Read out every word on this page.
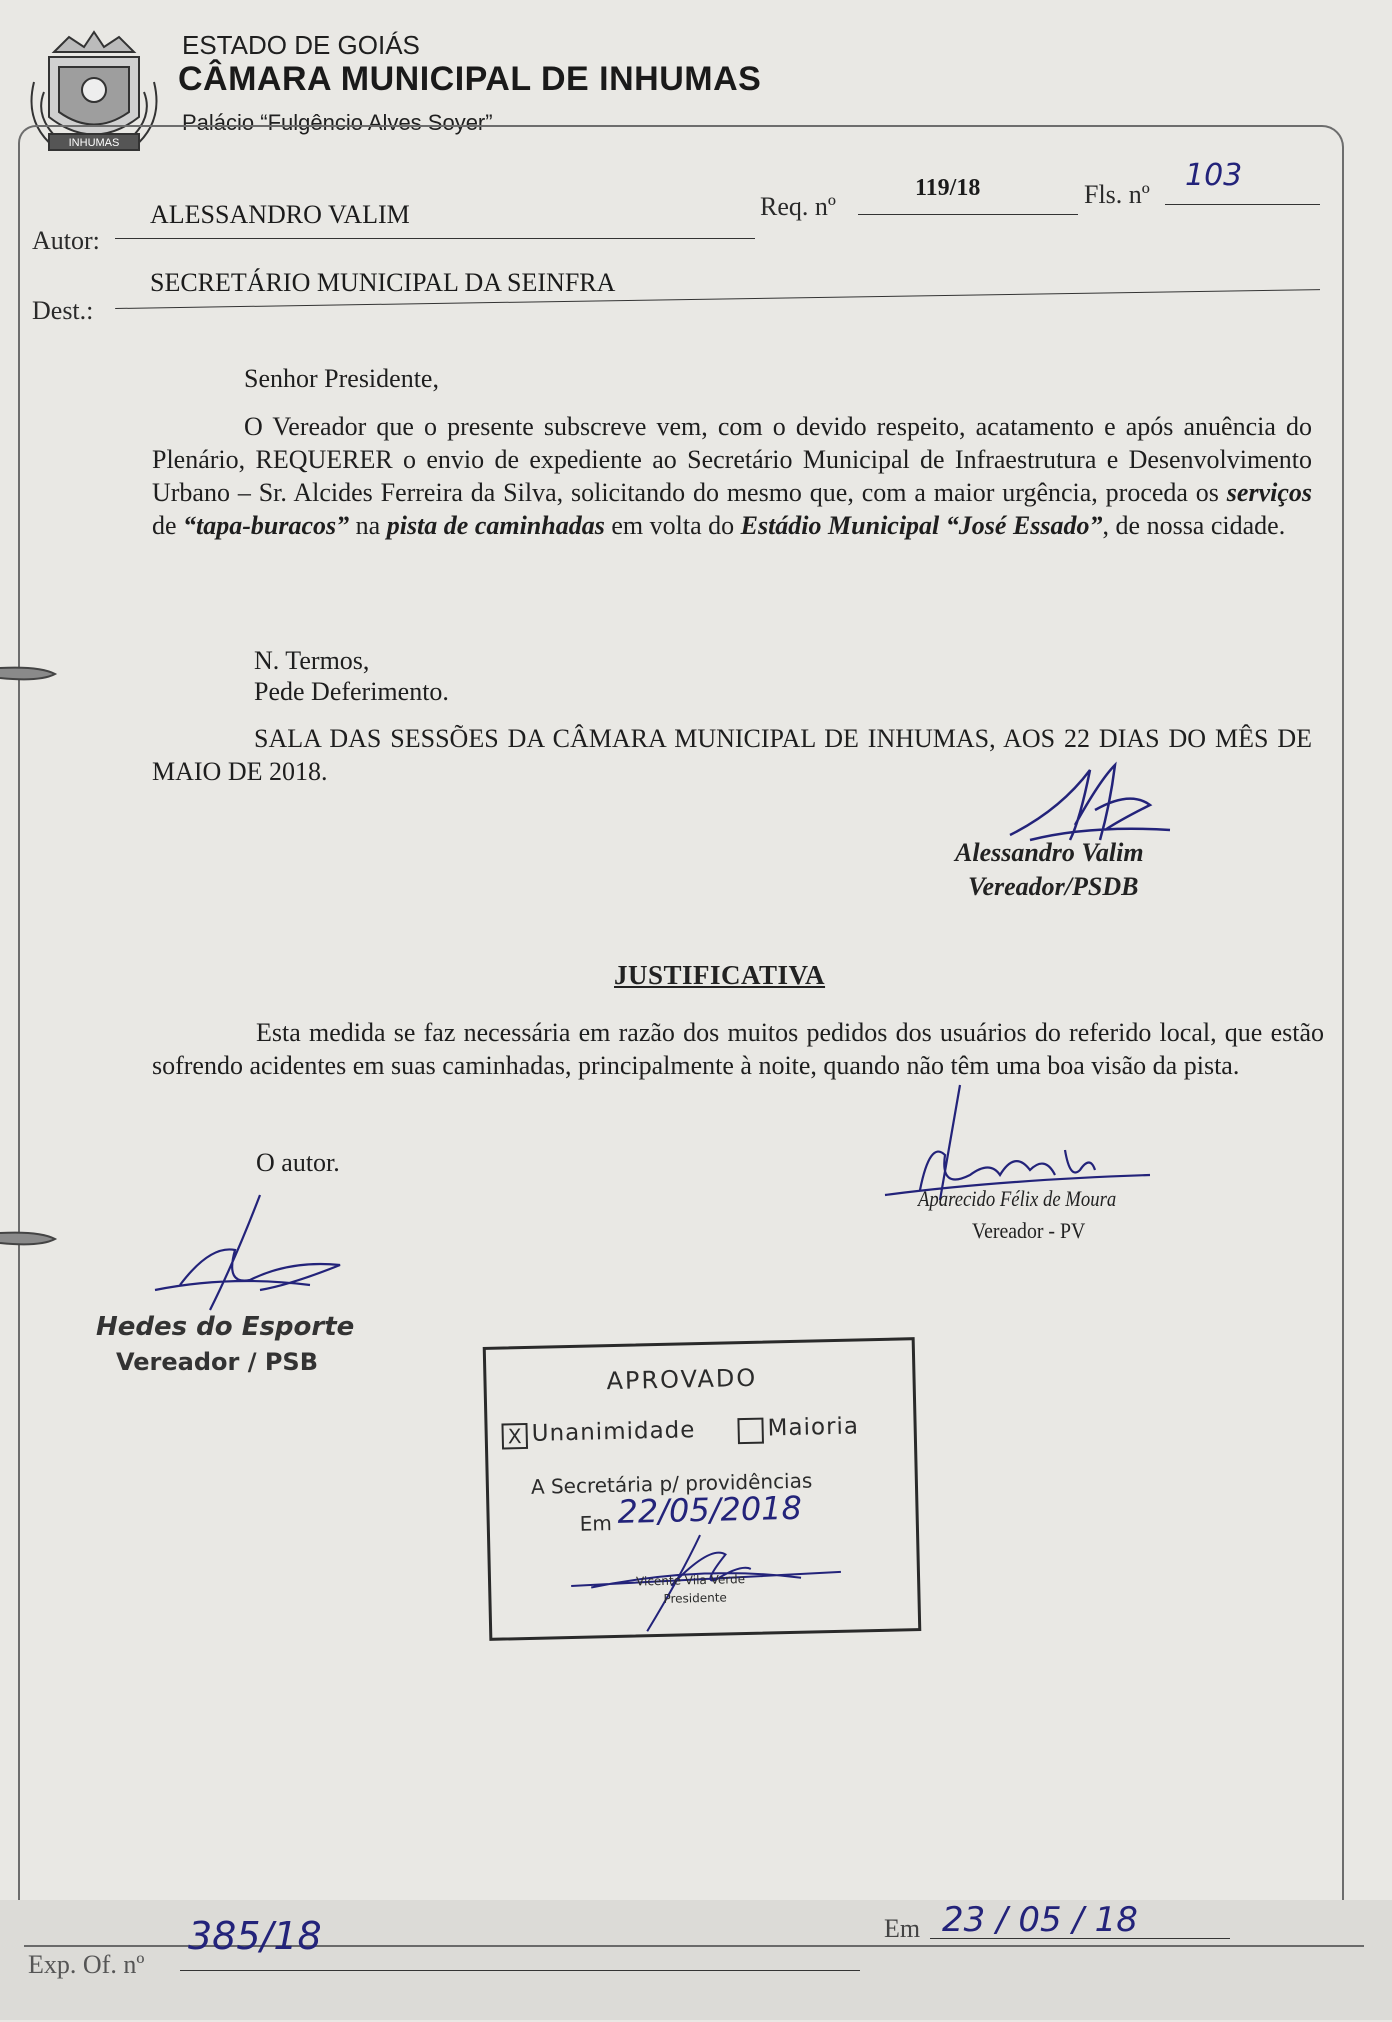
INHUMAS
ESTADO DE GOIÁS
CÂMARA MUNICIPAL DE INHUMAS
Palácio “Fulgêncio Alves Soyer”
Autor:
ALESSANDRO VALIM	Req. nº
119/18	Fls. nº
103
Dest.:
SECRETÁRIO MUNICIPAL DA SEINFRA
Senhor Presidente,
O Vereador que o presente subscreve vem, com o devido respeito, acatamento e após anuência do Plenário, REQUERER o envio de expediente ao Secretário Municipal de Infraestrutura e Desenvolvimento Urbano – Sr. Alcides Ferreira da Silva, solicitando do mesmo que, com a maior urgência, proceda os serviços de “tapa-buracos” na pista de caminhadas em volta do Estádio Municipal “José Essado”, de nossa cidade.
N. Termos,
Pede Deferimento.
SALA DAS SESSÕES DA CÂMARA MUNICIPAL DE INHUMAS, AOS 22 DIAS DO MÊS DE MAIO DE 2018.
Alessandro Valim
Vereador/PSDB
JUSTIFICATIVA
Esta medida se faz necessária em razão dos muitos pedidos dos usuários do referido local, que estão sofrendo acidentes em suas caminhadas, principalmente à noite, quando não têm uma boa visão da pista.
O autor.
Aparecido Félix de Moura
Vereador - PV
Hedes do Esporte
Vereador / PSB
APROVADO
X Unanimidade	Maioria
A Secretária p/ providências
Em 22/05/2018
Vicente Vila Verde
Presidente
Exp. Of. nº
385/18	Em 23 / 05 / 18
